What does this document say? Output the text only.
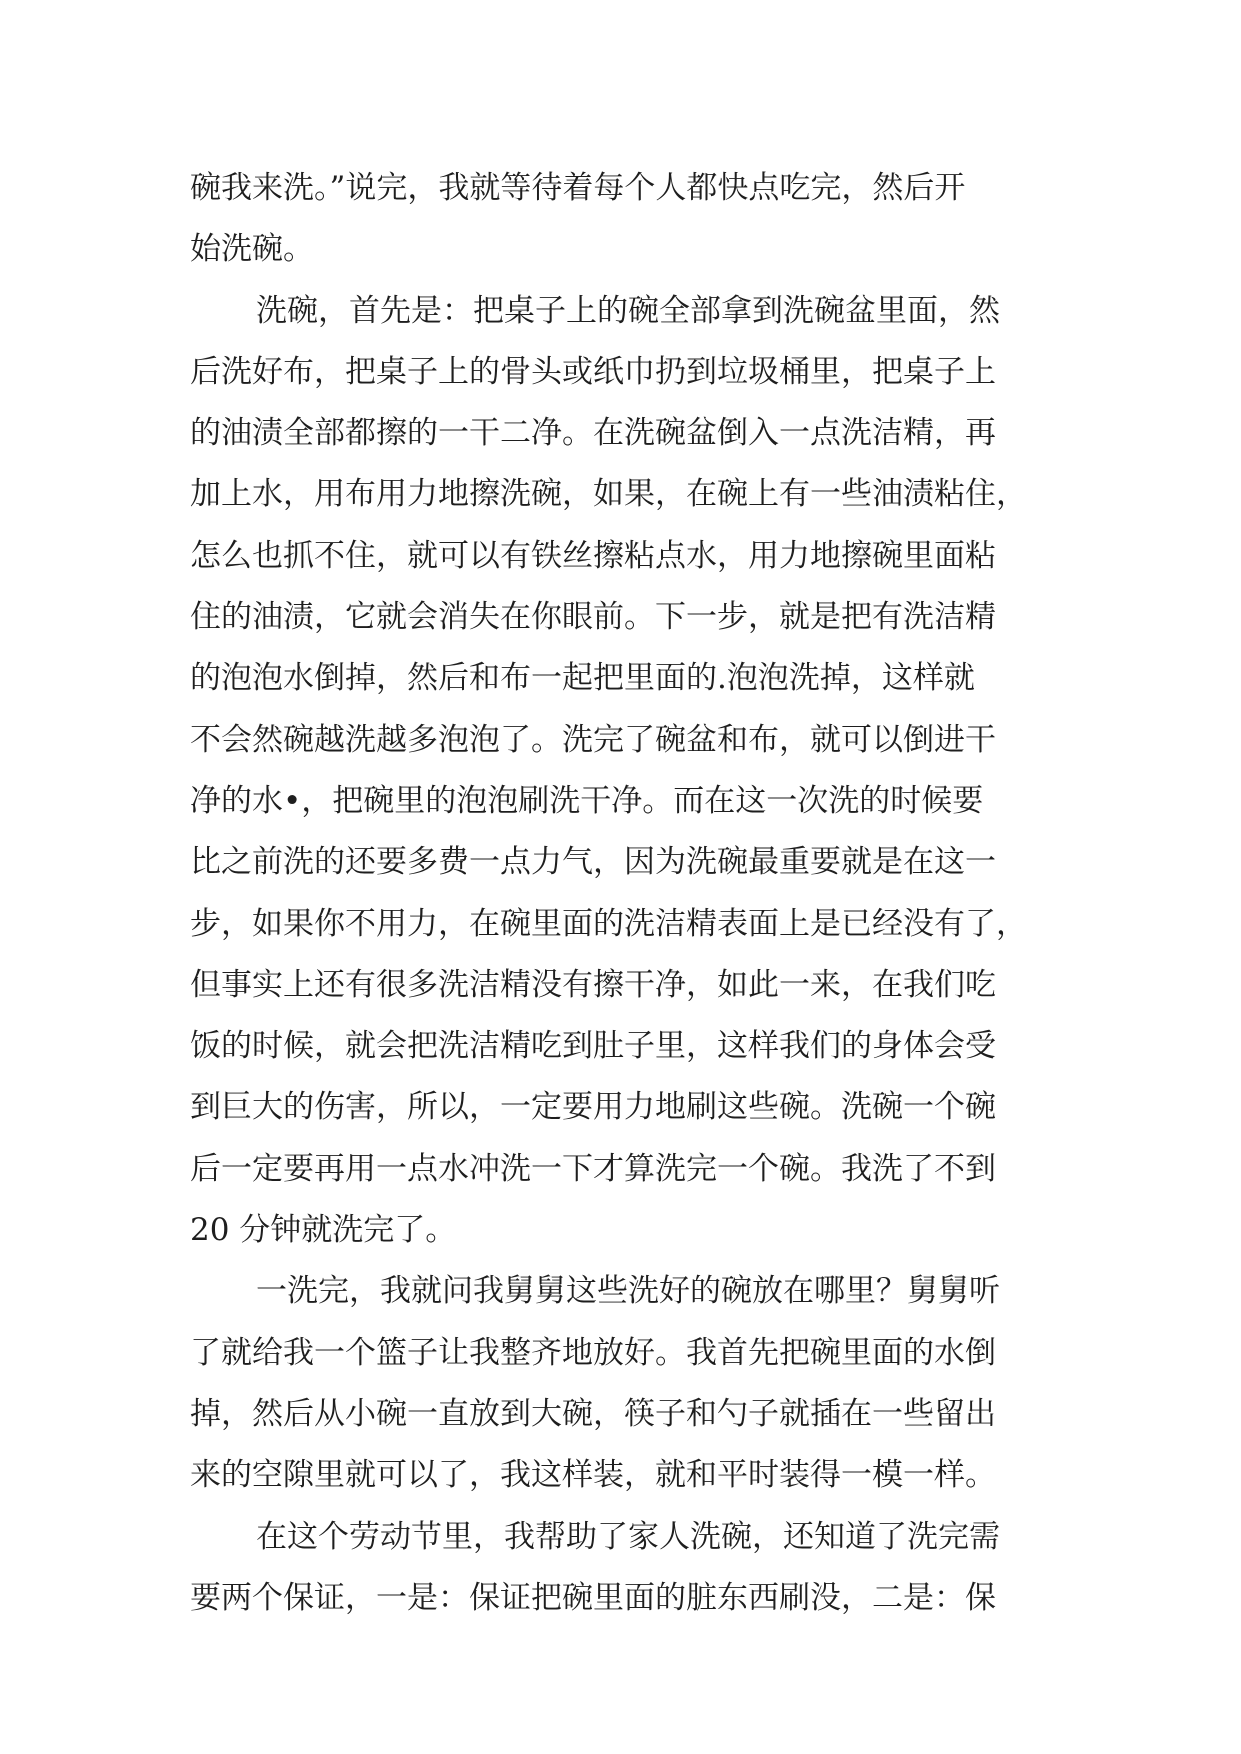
碗我来洗。”说完，我就等待着每个人都快点吃完，然后开
始洗碗。
洗碗，首先是：把桌子上的碗全部拿到洗碗盆里面，然
后洗好布，把桌子上的骨头或纸巾扔到垃圾桶里，把桌子上
的油渍全部都擦的一干二净。在洗碗盆倒入一点洗洁精，再
加上水，用布用力地擦洗碗，如果，在碗上有一些油渍粘住，
怎么也抓不住，就可以有铁丝擦粘点水，用力地擦碗里面粘
住的油渍，它就会消失在你眼前。下一步，就是把有洗洁精
的泡泡水倒掉，然后和布一起把里面的.泡泡洗掉，这样就
不会然碗越洗越多泡泡了。洗完了碗盆和布，就可以倒进干
净的水•，把碗里的泡泡刷洗干净。而在这一次洗的时候要
比之前洗的还要多费一点力气，因为洗碗最重要就是在这一
步，如果你不用力，在碗里面的洗洁精表面上是已经没有了，
但事实上还有很多洗洁精没有擦干净，如此一来，在我们吃
饭的时候，就会把洗洁精吃到肚子里，这样我们的身体会受
到巨大的伤害，所以，一定要用力地刷这些碗。洗碗一个碗
后一定要再用一点水冲洗一下才算洗完一个碗。我洗了不到
20 分钟就洗完了。
一洗完，我就问我舅舅这些洗好的碗放在哪里？舅舅听
了就给我一个篮子让我整齐地放好。我首先把碗里面的水倒
掉，然后从小碗一直放到大碗，筷子和勺子就插在一些留出
来的空隙里就可以了，我这样装，就和平时装得一模一样。
在这个劳动节里，我帮助了家人洗碗，还知道了洗完需
要两个保证，一是：保证把碗里面的脏东西刷没，二是：保
